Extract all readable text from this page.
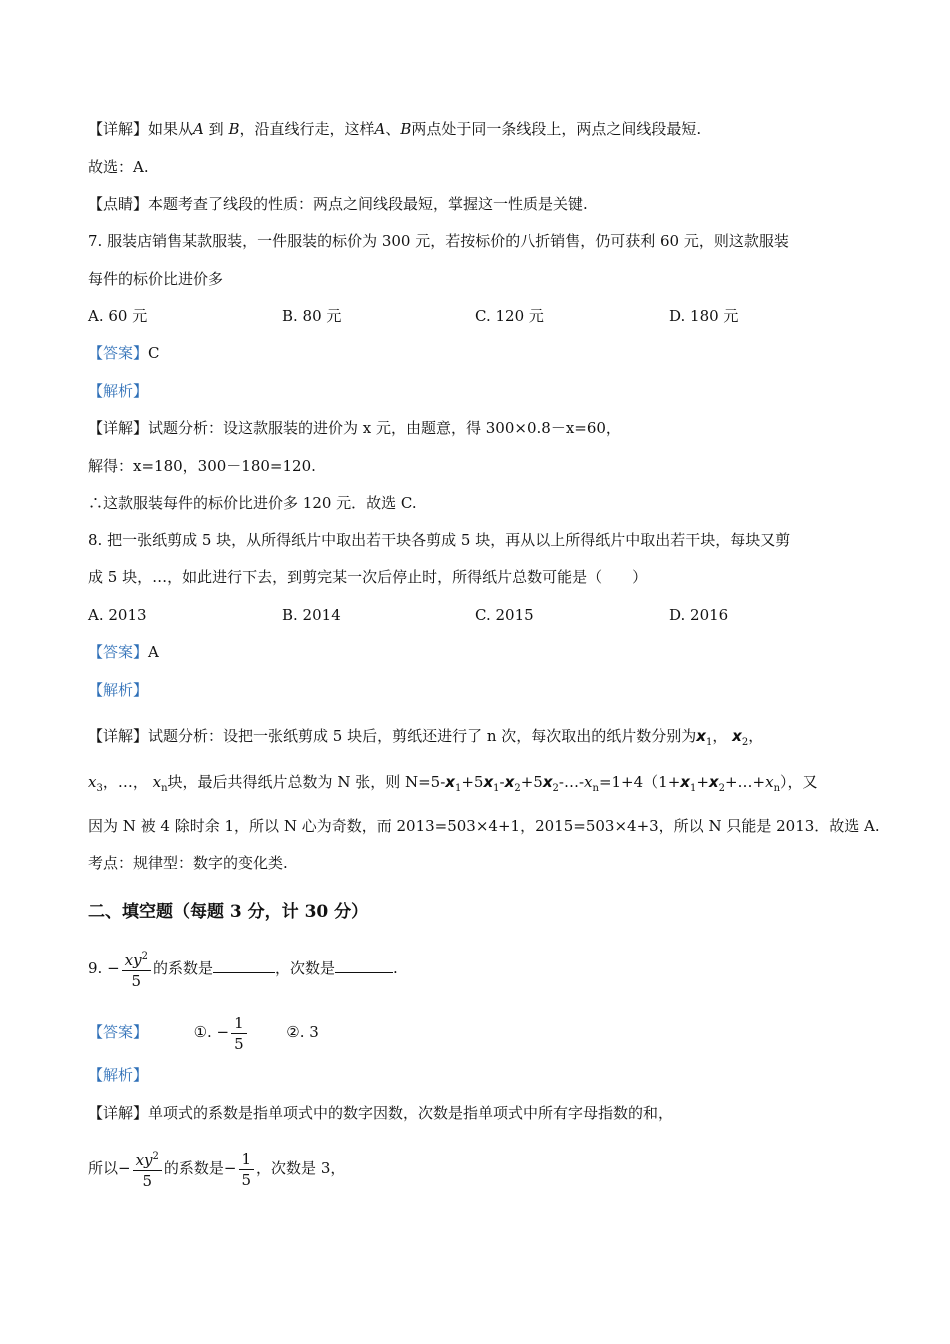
【详解】如果从A 到 B，沿直线行走，这样A、B两点处于同一条线段上，两点之间线段最短.
故选：A.
【点睛】本题考查了线段的性质：两点之间线段最短，掌握这一性质是关键.
7. 服装店销售某款服装，一件服装的标价为 300 元，若按标价的八折销售，仍可获利 60 元，则这款服装
每件的标价比进价多
A. 60 元	B. 80 元	C. 120 元	D. 180 元
【答案】C
【解析】
【详解】试题分析：设这款服装的进价为 x 元，由题意，得 300×0.8－x=60，
解得：x=180，300－180=120.
∴这款服装每件的标价比进价多 120 元．故选 C.
8. 把一张纸剪成 5 块，从所得纸片中取出若干块各剪成 5 块，再从以上所得纸片中取出若干块，每块又剪
成 5 块，…，如此进行下去，到剪完某一次后停止时，所得纸片总数可能是（　　）
A. 2013	B. 2014	C. 2015	D. 2016
【答案】A
【解析】
【详解】试题分析：设把一张纸剪成 5 块后，剪纸还进行了 n 次，每次取出的纸片数分别为$x_1$， $x_2$，
$x_3$，…， $x_n$块，最后共得纸片总数为 N 张，则 $N=5-x_1+5x_1-x_2+5x_2-\dots-x_n=1+4(1+x_1+x_2+\dots+x_n)$，又
因为 N 被 4 除时余 1，所以 N 心为奇数，而 2013=503×4+1，2015=503×4+3，所以 N 只能是 2013．故选 A.
考点：规律型：数字的变化类.
二、填空题（每题 3 分，计 30 分）
9. − $\frac{xy^2}{5}$ 的系数是	，次数是	.
【答案】	①. − $\frac{1}{5}$	②. 3
【解析】
【详解】单项式的系数是指单项式中的数字因数，次数是指单项式中所有字母指数的和，
所以− $\frac{xy^2}{5}$ 的系数是− $\frac{1}{5}$ ，次数是 3，
